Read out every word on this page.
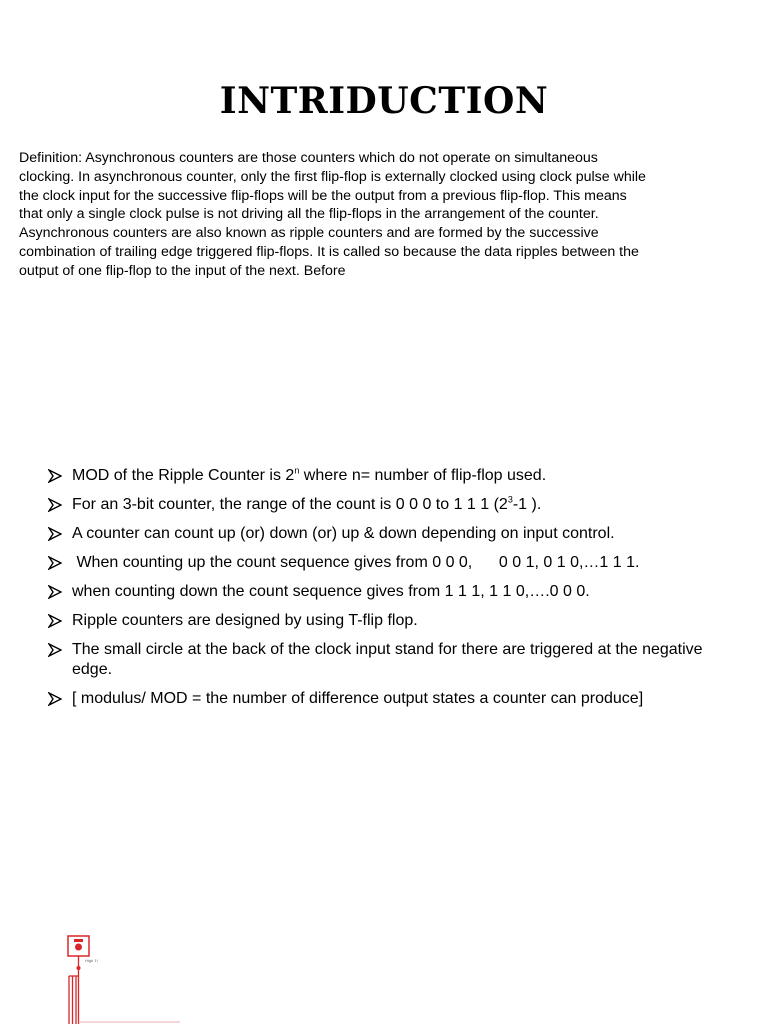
INTRIDUCTION

Definition: Asynchronous counters are those counters which do not operate on simultaneous
clocking. In asynchronous counter, only the first flip-flop is externally clocked using clock pulse while
the clock input for the successive flip-flops will be the output from a previous flip-flop. This means
that only a single clock pulse is not driving all the flip-flops in the arrangement of the counter.
Asynchronous counters are also known as ripple counters and are formed by the successive
combination of trailing edge triggered flip-flops. It is called so because the data ripples between the
output of one flip-flop to the input of the next. Before

MOD of the Ripple Counter is 2$^n$ where n= number of flip-flop used.
For an 3-bit counter, the range of the count is 0 0 0 to 1 1 1 ($2^3-1$ ).
A counter can count up (or) down (or) up & down depending on input control.
When counting up the count sequence gives from 0 0 0,      0 0 1, 0 1 0,…1 1 1.
when counting down the count sequence gives from 1 1 1, 1 1 0,….0 0 0.
Ripple counters are designed by using T-flip flop.
The small circle at the back of the clock input stand for there are triggered at the negative edge.
[ modulus/ MOD = the number of difference output states a counter can produce]
High 1!
